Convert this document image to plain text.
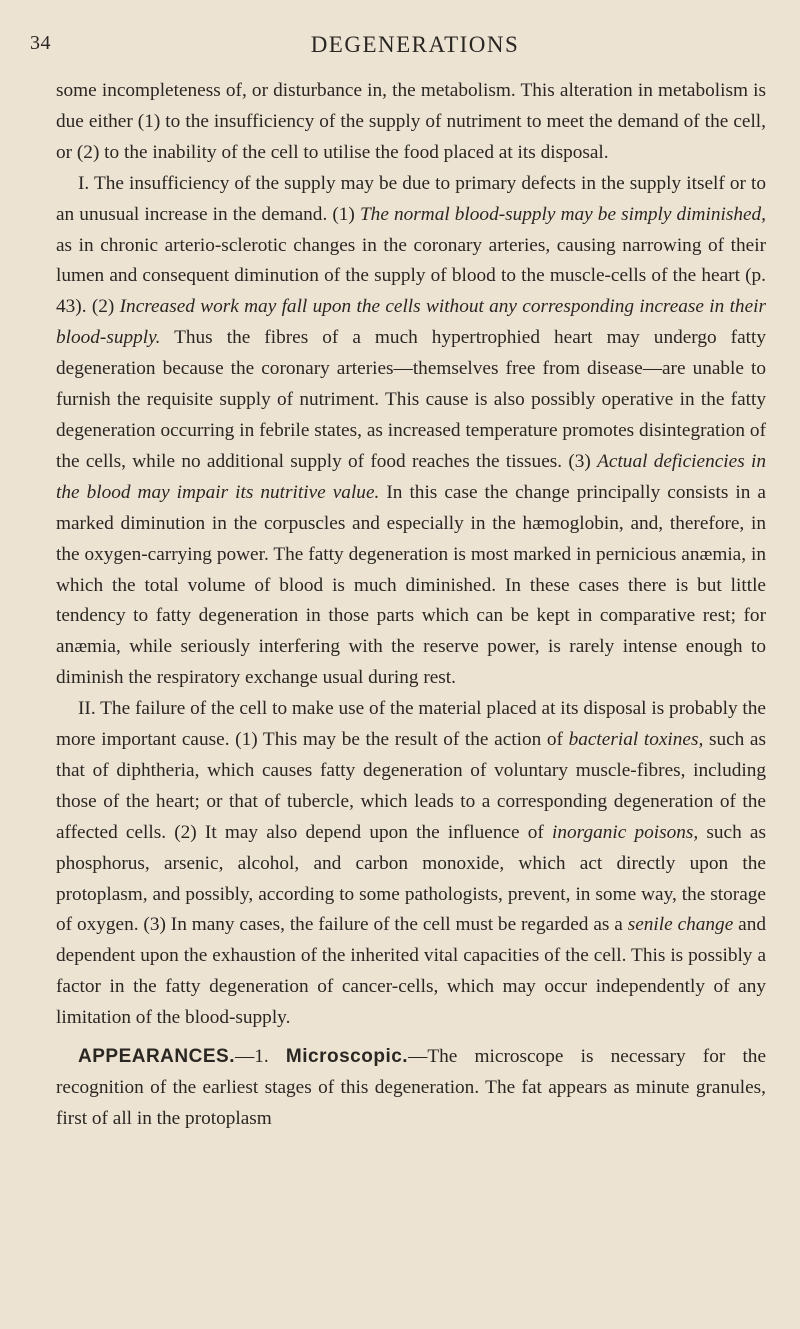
34	DEGENERATIONS

some incompleteness of, or disturbance in, the metabolism. This alteration in metabolism is due either (1) to the insufficiency of the supply of nutriment to meet the demand of the cell, or (2) to the inability of the cell to utilise the food placed at its disposal.

I. The insufficiency of the supply may be due to primary defects in the supply itself or to an unusual increase in the demand. (1) The normal blood-supply may be simply diminished, as in chronic arterio-sclerotic changes in the coronary arteries, causing narrowing of their lumen and consequent diminution of the supply of blood to the muscle-cells of the heart (p. 43). (2) Increased work may fall upon the cells without any corresponding increase in their blood-supply. Thus the fibres of a much hypertrophied heart may undergo fatty degeneration because the coronary arteries—themselves free from disease—are unable to furnish the requisite supply of nutriment. This cause is also possibly operative in the fatty degeneration occurring in febrile states, as increased temperature promotes disintegration of the cells, while no additional supply of food reaches the tissues. (3) Actual deficiencies in the blood may impair its nutritive value. In this case the change principally consists in a marked diminution in the corpuscles and especially in the hæmoglobin, and, therefore, in the oxygen-carrying power. The fatty degeneration is most marked in pernicious anæmia, in which the total volume of blood is much diminished. In these cases there is but little tendency to fatty degeneration in those parts which can be kept in comparative rest; for anæmia, while seriously interfering with the reserve power, is rarely intense enough to diminish the respiratory exchange usual during rest.

II. The failure of the cell to make use of the material placed at its disposal is probably the more important cause. (1) This may be the result of the action of bacterial toxines, such as that of diphtheria, which causes fatty degeneration of voluntary muscle-fibres, including those of the heart; or that of tubercle, which leads to a corresponding degeneration of the affected cells. (2) It may also depend upon the influence of inorganic poisons, such as phosphorus, arsenic, alcohol, and carbon monoxide, which act directly upon the protoplasm, and possibly, according to some pathologists, prevent, in some way, the storage of oxygen. (3) In many cases, the failure of the cell must be regarded as a senile change and dependent upon the exhaustion of the inherited vital capacities of the cell. This is possibly a factor in the fatty degeneration of cancer-cells, which may occur independently of any limitation of the blood-supply.

APPEARANCES.—1. Microscopic.—The microscope is necessary for the recognition of the earliest stages of this degeneration. The fat appears as minute granules, first of all in the protoplasm
